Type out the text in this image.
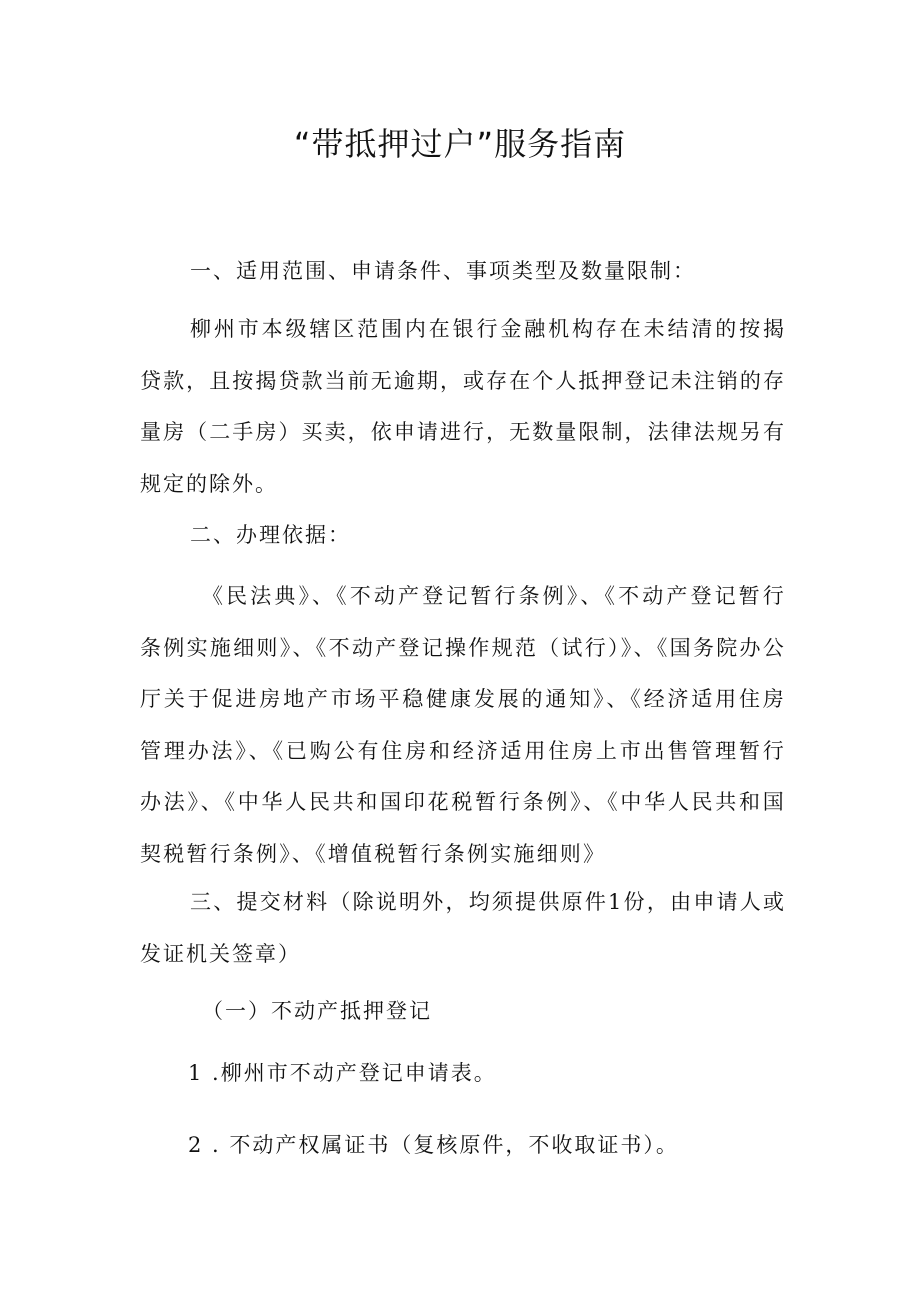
“带抵押过户”服务指南

一、适用范围、申请条件、事项类型及数量限制：

柳州市本级辖区范围内在银行金融机构存在未结清的按揭贷款，且按揭贷款当前无逾期，或存在个人抵押登记未注销的存量房（二手房）买卖，依申请进行，无数量限制，法律法规另有规定的除外。

二、办理依据：

《民法典》、《不动产登记暂行条例》、《不动产登记暂行条例实施细则》、《不动产登记操作规范（试行）》、《国务院办公厅关于促进房地产市场平稳健康发展的通知》、《经济适用住房管理办法》、《已购公有住房和经济适用住房上市出售管理暂行办法》、《中华人民共和国印花税暂行条例》、《中华人民共和国契税暂行条例》、《增值税暂行条例实施细则》

三、提交材料（除说明外，均须提供原件1份，由申请人或发证机关签章）

（一）不动产抵押登记

1 .柳州市不动产登记申请表。

2 . 不动产权属证书（复核原件，不收取证书）。
